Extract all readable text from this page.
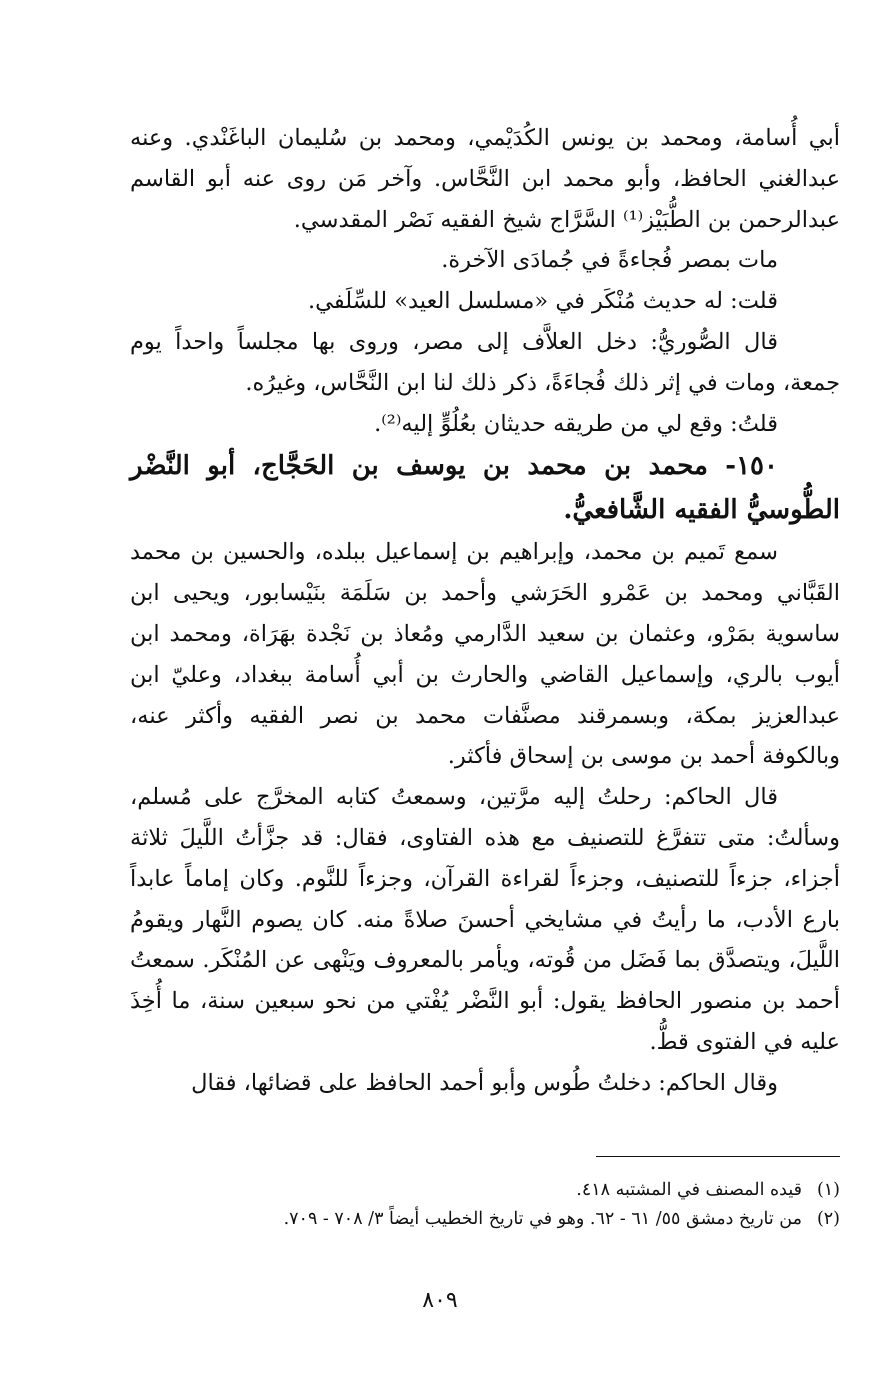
أبي أُسامة، ومحمد بن يونس الكُدَيْمي، ومحمد بن سُليمان الباغَنْدي. وعنه عبدالغني الحافظ، وأبو محمد ابن النَّحَّاس. وآخر مَن روى عنه أبو القاسم عبدالرحمن بن الطُّبَيْز⁽¹⁾ السَّرَّاج شيخ الفقيه نَصْر المقدسي.

مات بمصر فُجاءةً في جُمادَى الآخرة.

قلت: له حديث مُنْكَر في «مسلسل العيد» للسِّلَفي.

قال الصُّوريُّ: دخل العلاَّف إلى مصر، وروى بها مجلساً واحداً يوم جمعة، ومات في إثر ذلك فُجاءَةً، ذكر ذلك لنا ابن النَّحَّاس، وغيرُه.

قلتُ: وقع لي من طريقه حديثان بعُلُوٍّ إليه⁽²⁾.

١٥٠- محمد بن محمد بن يوسف بن الحَجَّاج، أبو النَّضْر الطُّوسيُّ الفقيه الشَّافعيُّ.

سمع تَميم بن محمد، وإبراهيم بن إسماعيل ببلده، والحسين بن محمد القَبَّاني ومحمد بن عَمْرو الحَرَشي وأحمد بن سَلَمَة بنَيْسابور، ويحيى ابن ساسوية بمَرْو، وعثمان بن سعيد الدَّارمي ومُعاذ بن نَجْدة بهَرَاة، ومحمد ابن أيوب بالري، وإسماعيل القاضي والحارث بن أبي أُسامة ببغداد، وعليّ ابن عبدالعزيز بمكة، وبسمرقند مصنَّفات محمد بن نصر الفقيه وأكثر عنه، وبالكوفة أحمد بن موسى بن إسحاق فأكثر.

قال الحاكم: رحلتُ إليه مرَّتين، وسمعتُ كتابه المخرَّج على مُسلم، وسألتُ: متى تتفرَّغ للتصنيف مع هذه الفتاوى، فقال: قد جزَّأتُ اللَّيلَ ثلاثة أجزاء، جزءاً للتصنيف، وجزءاً لقراءة القرآن، وجزءاً للنَّوم. وكان إماماً عابداً بارع الأدب، ما رأيتُ في مشايخي أحسنَ صلاةً منه. كان يصوم النَّهار ويقومُ اللَّيلَ، ويتصدَّق بما فَضَل من قُوته، ويأمر بالمعروف ويَنْهى عن المُنْكَر. سمعتُ أحمد بن منصور الحافظ يقول: أبو النَّضْر يُفْتي من نحو سبعين سنة، ما أُخِذَ عليه في الفتوى قطُّ.

وقال الحاكم: دخلتُ طُوس وأبو أحمد الحافظ على قضائها، فقال

(١)قيده المصنف في المشتبه ٤١٨.

(٢)من تاريخ دمشق ٥٥/ ٦١ - ٦٢. وهو في تاريخ الخطيب أيضاً ٣/ ٧٠٨ - ٧٠٩.

٨٠٩
